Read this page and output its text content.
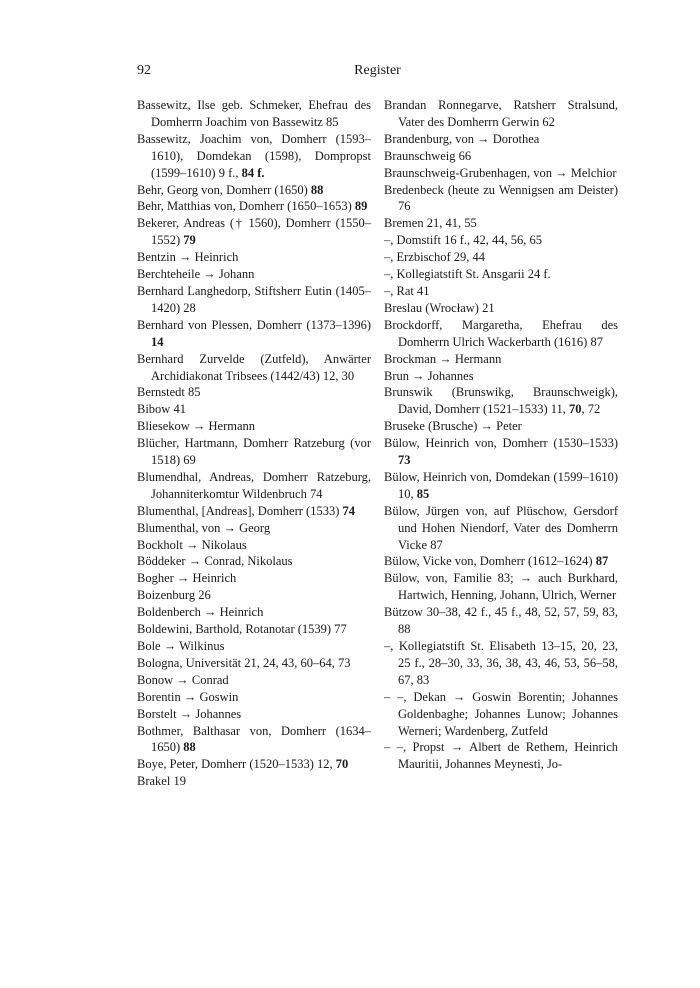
92	Register

Bassewitz, Ilse geb. Schmeker, Ehefrau des Domherrn Joachim von Bassewitz 85

Bassewitz, Joachim von, Domherr (1593–1610), Domdekan (1598), Dompropst (1599–1610) 9 f., 84 f.

Behr, Georg von, Domherr (1650) 88

Behr, Matthias von, Domherr (1650–1653) 89

Bekerer, Andreas († 1560), Domherr (1550–1552) 79

Bentzin → Heinrich

Berchteheile → Johann

Bernhard Langhedorp, Stiftsherr Eutin (1405–1420) 28

Bernhard von Plessen, Domherr (1373–1396) 14

Bernhard Zurvelde (Zutfeld), Anwärter Archidiakonat Tribsees (1442/43) 12, 30

Bernstedt 85

Bibow 41

Bliesekow → Hermann

Blücher, Hartmann, Domherr Ratzeburg (vor 1518) 69

Blumendhal, Andreas, Domherr Ratzeburg, Johanniterkomtur Wildenbruch 74

Blumenthal, [Andreas], Domherr (1533) 74

Blumenthal, von → Georg

Bockholt → Nikolaus

Böddeker → Conrad, Nikolaus

Bogher → Heinrich

Boizenburg 26

Boldenberch → Heinrich

Boldewini, Barthold, Rotanotar (1539) 77

Bole → Wilkinus

Bologna, Universität 21, 24, 43, 60–64, 73

Bonow → Conrad

Borentin → Goswin

Borstelt → Johannes

Bothmer, Balthasar von, Domherr (1634–1650) 88

Boye, Peter, Domherr (1520–1533) 12, 70

Brakel 19

Brandan Ronnegarve, Ratsherr Stralsund, Vater des Domherrn Gerwin 62

Brandenburg, von → Dorothea

Braunschweig 66

Braunschweig-Grubenhagen, von → Melchior

Bredenbeck (heute zu Wennigsen am Deister) 76

Bremen 21, 41, 55

–, Domstift 16 f., 42, 44, 56, 65

–, Erzbischof 29, 44

–, Kollegiatstift St. Ansgarii 24 f.

–, Rat 41

Breslau (Wrocław) 21

Brockdorff, Margaretha, Ehefrau des Domherrn Ulrich Wackerbarth (1616) 87

Brockman → Hermann

Brun → Johannes

Brunswik (Brunswikg, Braunschweigk), David, Domherr (1521–1533) 11, 70, 72

Bruseke (Brusche) → Peter

Bülow, Heinrich von, Domherr (1530–1533) 73

Bülow, Heinrich von, Domdekan (1599–1610) 10, 85

Bülow, Jürgen von, auf Plüschow, Gersdorf und Hohen Niendorf, Vater des Domherrn Vicke 87

Bülow, Vicke von, Domherr (1612–1624) 87

Bülow, von, Familie 83; → auch Burkhard, Hartwich, Henning, Johann, Ulrich, Werner

Bützow 30–38, 42 f., 45 f., 48, 52, 57, 59, 83, 88

–, Kollegiatstift St. Elisabeth 13–15, 20, 23, 25 f., 28–30, 33, 36, 38, 43, 46, 53, 56–58, 67, 83

– –, Dekan → Goswin Borentin; Johannes Goldenbaghe; Johannes Lunow; Johannes Werneri; Wardenberg, Zutfeld

– –, Propst → Albert de Rethem, Heinrich Mauritii, Johannes Meynesti, Jo-
